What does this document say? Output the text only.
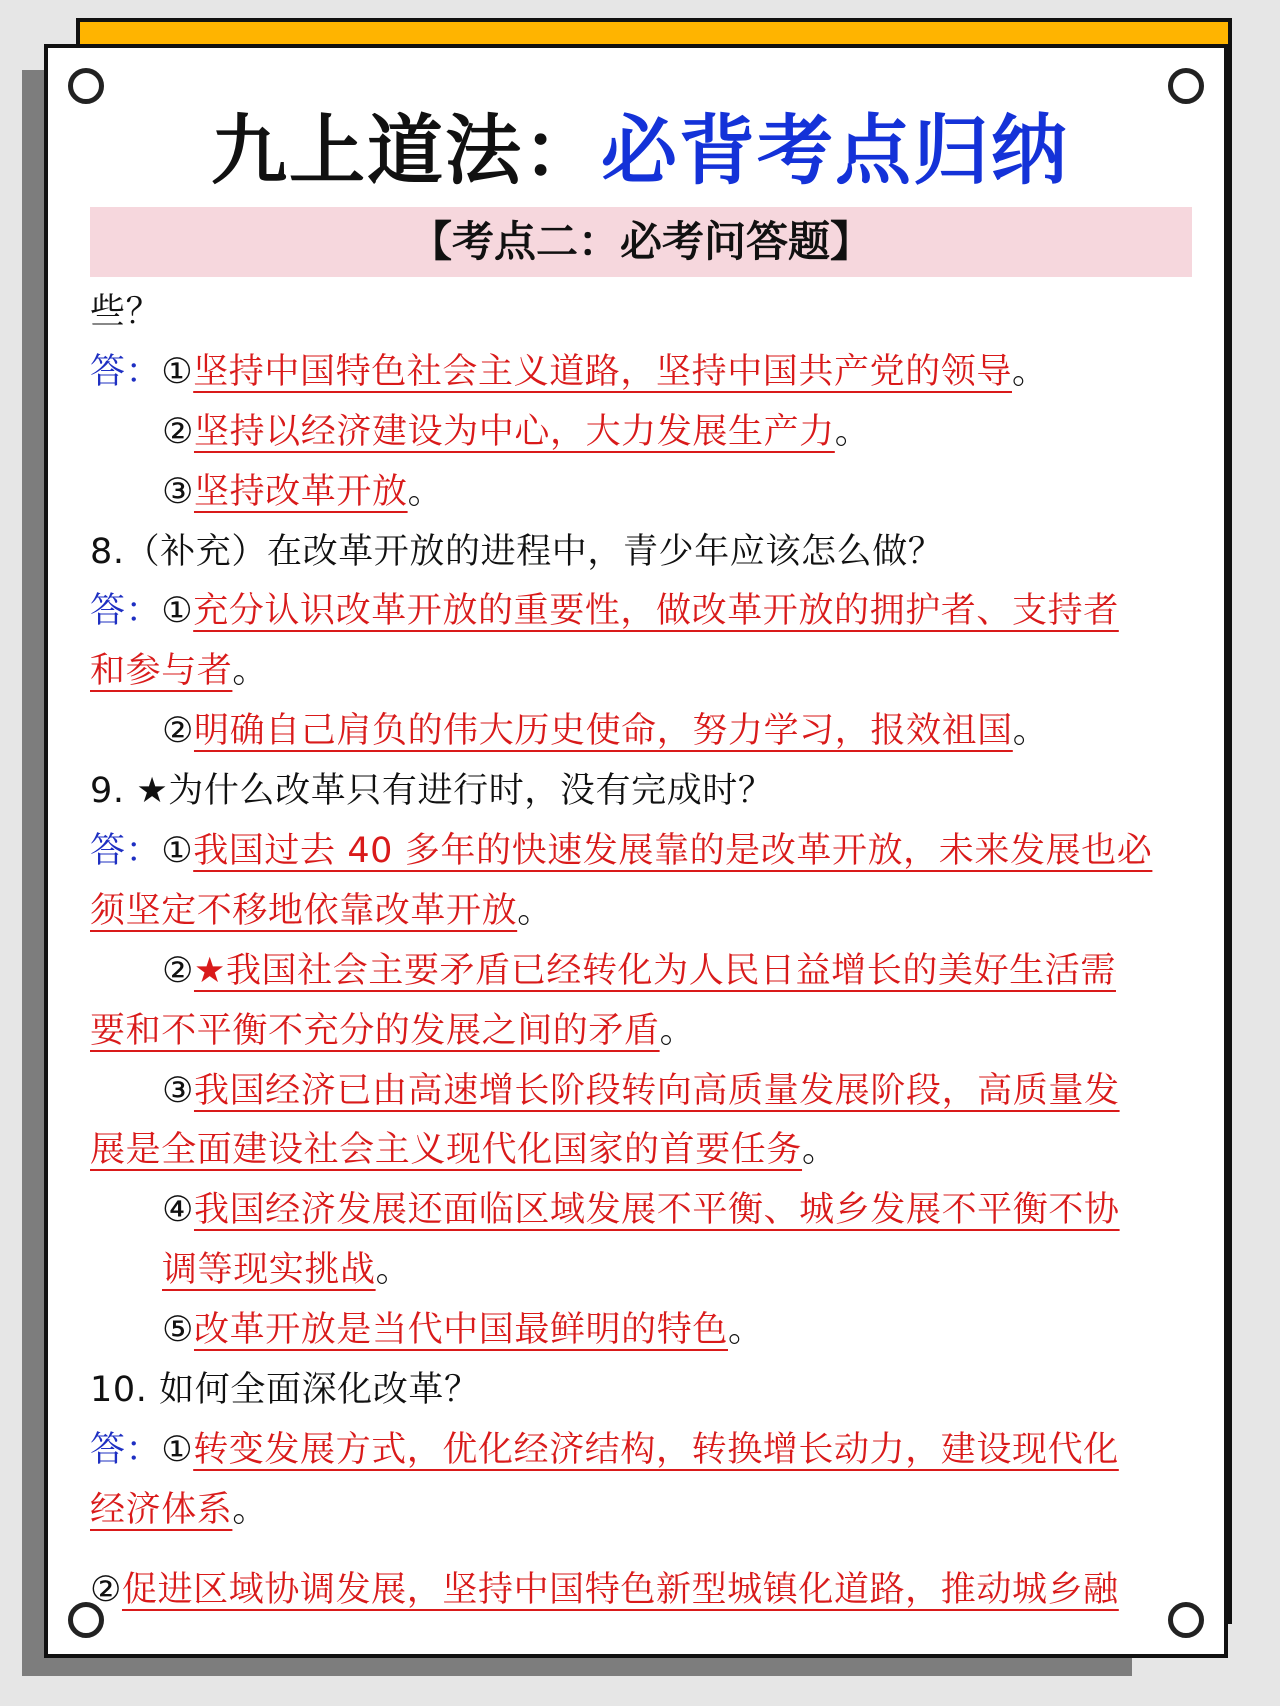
九上道法：必背考点归纳
【考点二：必考问答题】
些？
答：①坚持中国特色社会主义道路，坚持中国共产党的领导。
②坚持以经济建设为中心，大力发展生产力。
③坚持改革开放。
8.（补充）在改革开放的进程中，青少年应该怎么做？
答：①充分认识改革开放的重要性，做改革开放的拥护者、支持者
和参与者。
②明确自己肩负的伟大历史使命，努力学习，报效祖国。
9. ★为什么改革只有进行时，没有完成时？
答：①我国过去 40 多年的快速发展靠的是改革开放，未来发展也必
须坚定不移地依靠改革开放。
②★我国社会主要矛盾已经转化为人民日益增长的美好生活需
要和不平衡不充分的发展之间的矛盾。
③我国经济已由高速增长阶段转向高质量发展阶段，高质量发
展是全面建设社会主义现代化国家的首要任务。
④我国经济发展还面临区域发展不平衡、城乡发展不平衡不协
调等现实挑战。
⑤改革开放是当代中国最鲜明的特色。
10. 如何全面深化改革？
答：①转变发展方式，优化经济结构，转换增长动力，建设现代化
经济体系。
②促进区域协调发展，坚持中国特色新型城镇化道路，推动城乡融
